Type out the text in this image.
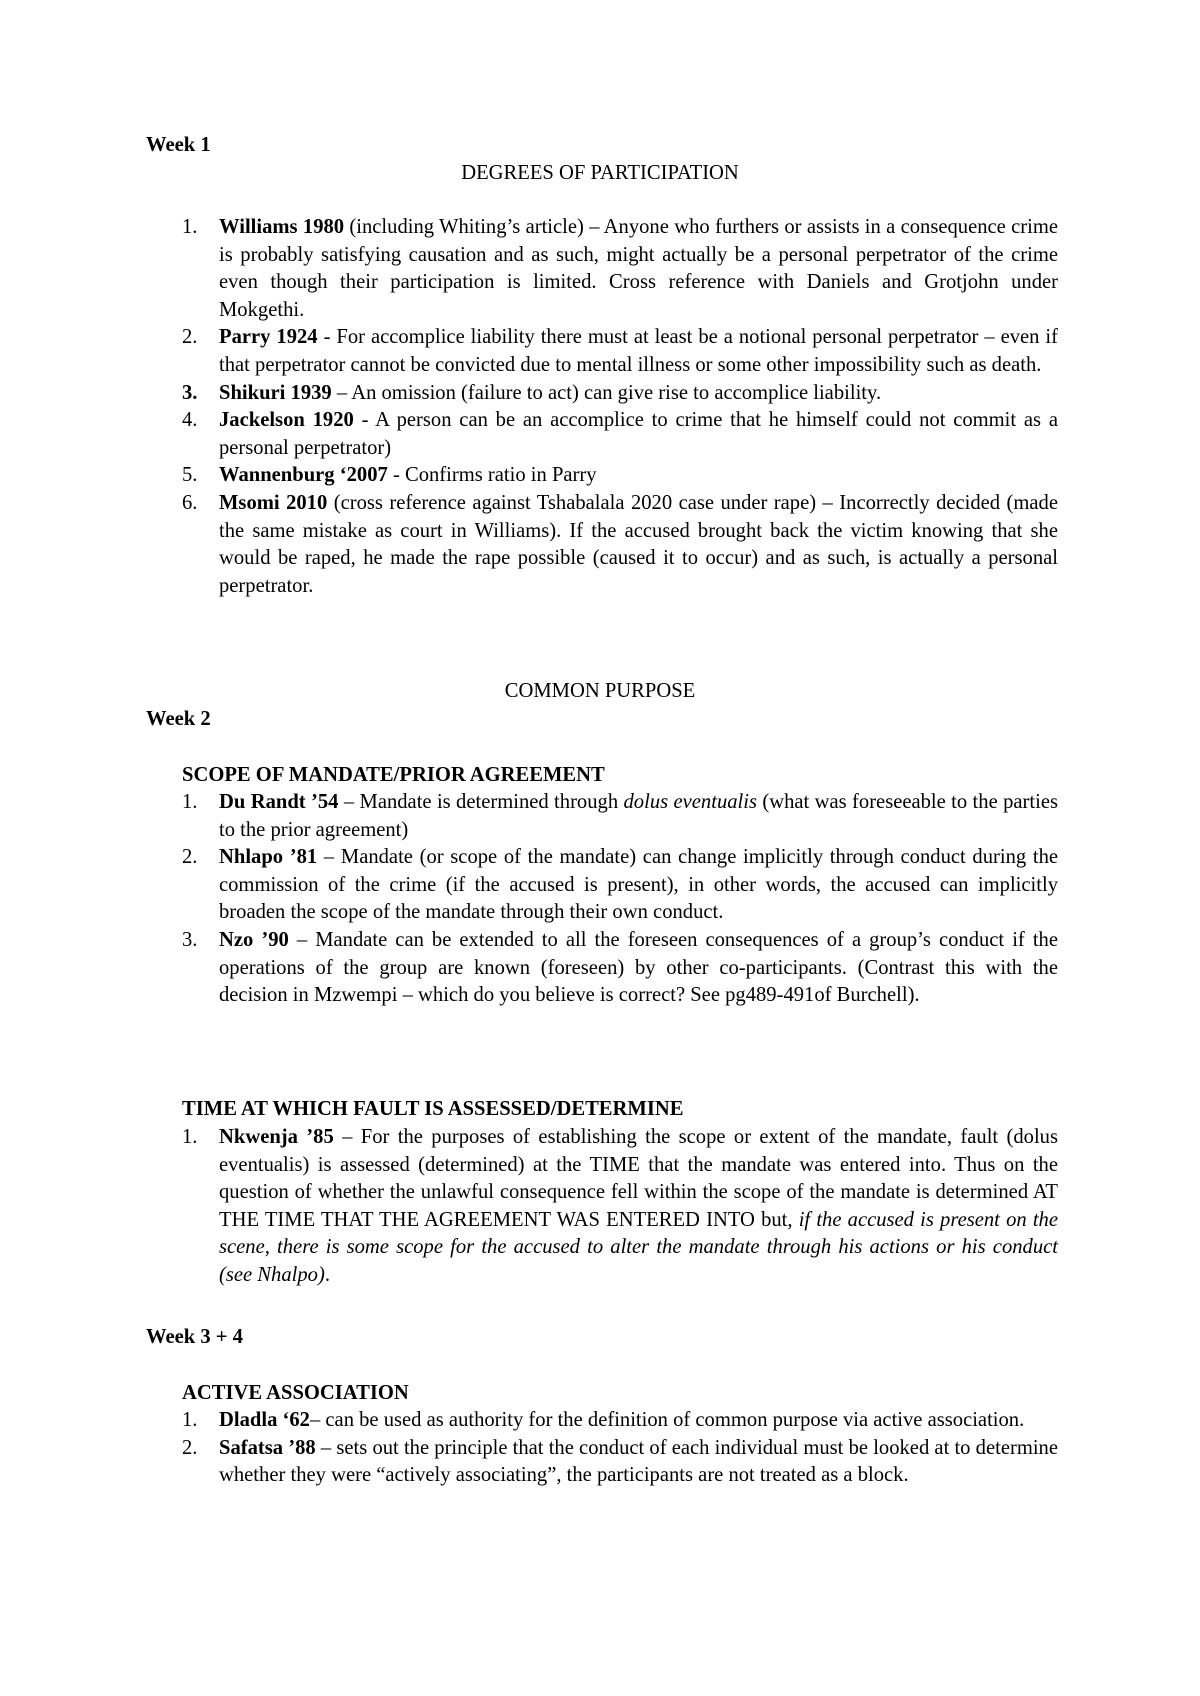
Week 1
DEGREES OF PARTICIPATION
1. Williams 1980 (including Whiting’s article) – Anyone who furthers or assists in a consequence crime is probably satisfying causation and as such, might actually be a personal perpetrator of the crime even though their participation is limited. Cross reference with Daniels and Grotjohn under Mokgethi.
2. Parry 1924 - For accomplice liability there must at least be a notional personal perpetrator – even if that perpetrator cannot be convicted due to mental illness or some other impossibility such as death.
3. Shikuri 1939 – An omission (failure to act) can give rise to accomplice liability.
4. Jackelson 1920 - A person can be an accomplice to crime that he himself could not commit as a personal perpetrator)
5. Wannenburg ‘2007 - Confirms ratio in Parry
6. Msomi 2010 (cross reference against Tshabalala 2020 case under rape) – Incorrectly decided (made the same mistake as court in Williams). If the accused brought back the victim knowing that she would be raped, he made the rape possible (caused it to occur) and as such, is actually a personal perpetrator.
COMMON PURPOSE
Week 2
SCOPE OF MANDATE/PRIOR AGREEMENT
1. Du Randt ’54 – Mandate is determined through dolus eventualis (what was foreseeable to the parties to the prior agreement)
2. Nhlapo ’81 – Mandate (or scope of the mandate) can change implicitly through conduct during the commission of the crime (if the accused is present), in other words, the accused can implicitly broaden the scope of the mandate through their own conduct.
3. Nzo ’90 – Mandate can be extended to all the foreseen consequences of a group’s conduct if the operations of the group are known (foreseen) by other co-participants. (Contrast this with the decision in Mzwempi – which do you believe is correct? See pg489-491of Burchell).
TIME AT WHICH FAULT IS ASSESSED/DETERMINE
1. Nkwenja ’85 – For the purposes of establishing the scope or extent of the mandate, fault (dolus eventualis) is assessed (determined) at the TIME that the mandate was entered into. Thus on the question of whether the unlawful consequence fell within the scope of the mandate is determined AT THE TIME THAT THE AGREEMENT WAS ENTERED INTO but, if the accused is present on the scene, there is some scope for the accused to alter the mandate through his actions or his conduct (see Nhalpo).
Week 3 + 4
ACTIVE ASSOCIATION
1. Dladla ‘62– can be used as authority for the definition of common purpose via active association.
2. Safatsa ’88 – sets out the principle that the conduct of each individual must be looked at to determine whether they were “actively associating”, the participants are not treated as a block.
